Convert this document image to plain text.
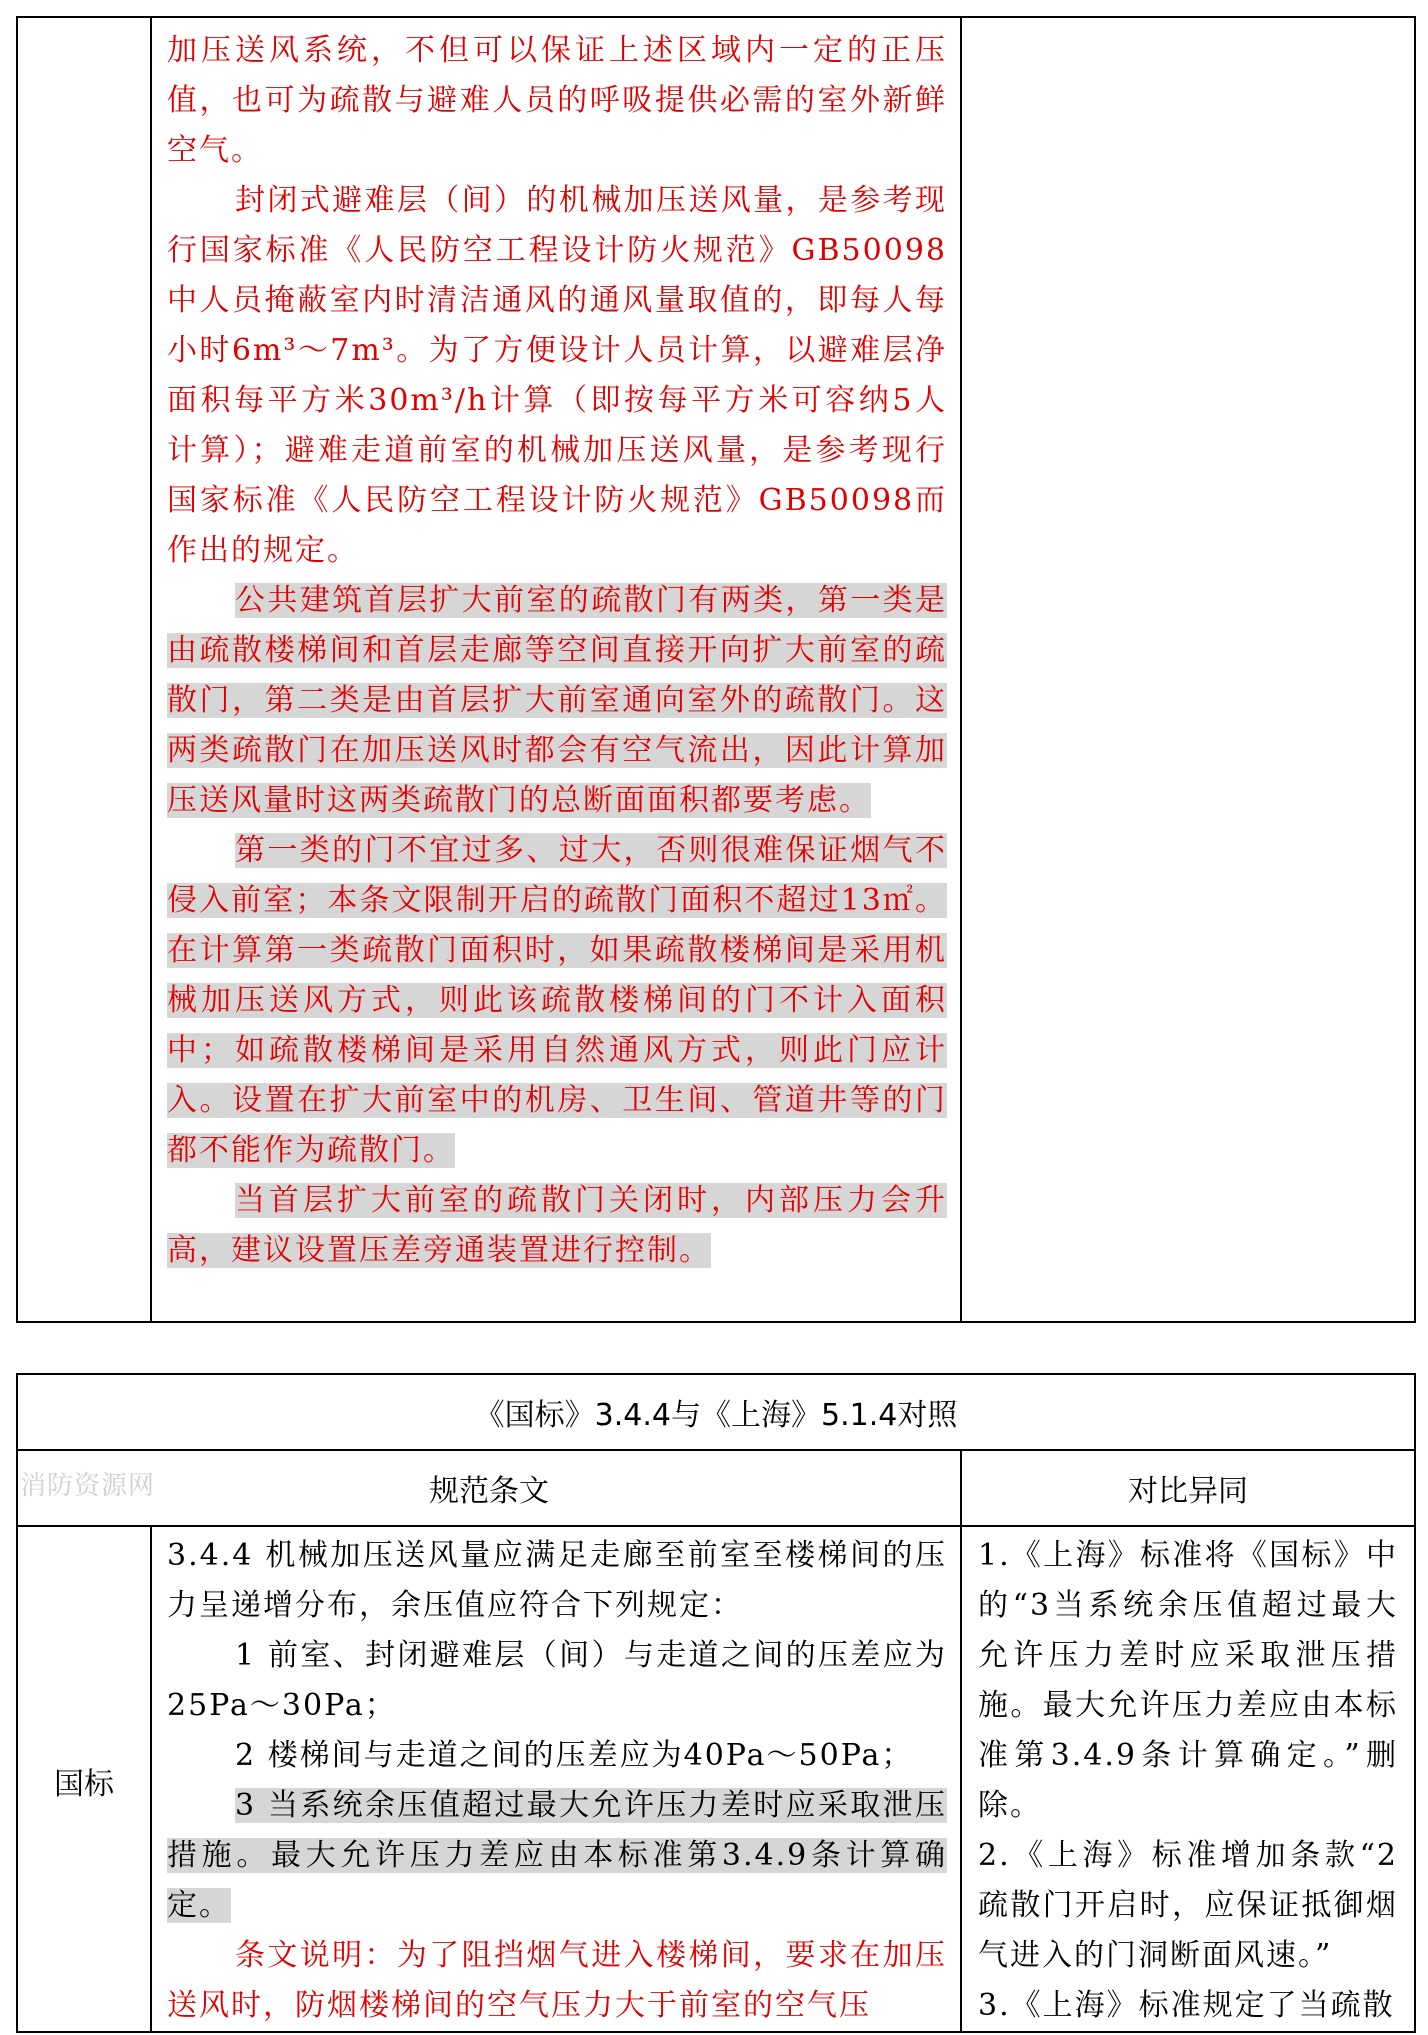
加压送风系统，不但可以保证上述区域内一定的正压值，也可为疏散与避难人员的呼吸提供必需的室外新鲜空气。

封闭式避难层（间）的机械加压送风量，是参考现行国家标准《人民防空工程设计防火规范》GB50098中人员掩蔽室内时清洁通风的通风量取值的，即每人每小时6m³～7m³。为了方便设计人员计算，以避难层净面积每平方米30m³/h计算（即按每平方米可容纳5人计算）；避难走道前室的机械加压送风量，是参考现行国家标准《人民防空工程设计防火规范》GB50098而作出的规定。

公共建筑首层扩大前室的疏散门有两类，第一类是由疏散楼梯间和首层走廊等空间直接开向扩大前室的疏散门，第二类是由首层扩大前室通向室外的疏散门。这两类疏散门在加压送风时都会有空气流出，因此计算加压送风量时这两类疏散门的总断面面积都要考虑。

第一类的门不宜过多、过大，否则很难保证烟气不侵入前室；本条文限制开启的疏散门面积不超过13㎡。在计算第一类疏散门面积时，如果疏散楼梯间是采用机械加压送风方式，则此该疏散楼梯间的门不计入面积中；如疏散楼梯间是采用自然通风方式，则此门应计入。设置在扩大前室中的机房、卫生间、管道井等的门都不能作为疏散门。

当首层扩大前室的疏散门关闭时，内部压力会升高，建议设置压差旁通装置进行控制。

《国标》3.4.4与《上海》5.1.4对照
规范条文	对比异同
国标

3.4.4 机械加压送风量应满足走廊至前室至楼梯间的压力呈递增分布，余压值应符合下列规定：

1 前室、封闭避难层（间）与走道之间的压差应为25Pa～30Pa；

2 楼梯间与走道之间的压差应为40Pa～50Pa；

3 当系统余压值超过最大允许压力差时应采取泄压措施。最大允许压力差应由本标准第3.4.9条计算确定。

条文说明：为了阻挡烟气进入楼梯间，要求在加压送风时，防烟楼梯间的空气压力大于前室的空气压

1.《上海》标准将《国标》中的“3当系统余压值超过最大允许压力差时应采取泄压措施。最大允许压力差应由本标准第3.4.9条计算确定。”删除。

2.《上海》标准增加条款“2 疏散门开启时，应保证抵御烟气进入的门洞断面风速。”

3.《上海》标准规定了当疏散

消防资源网
